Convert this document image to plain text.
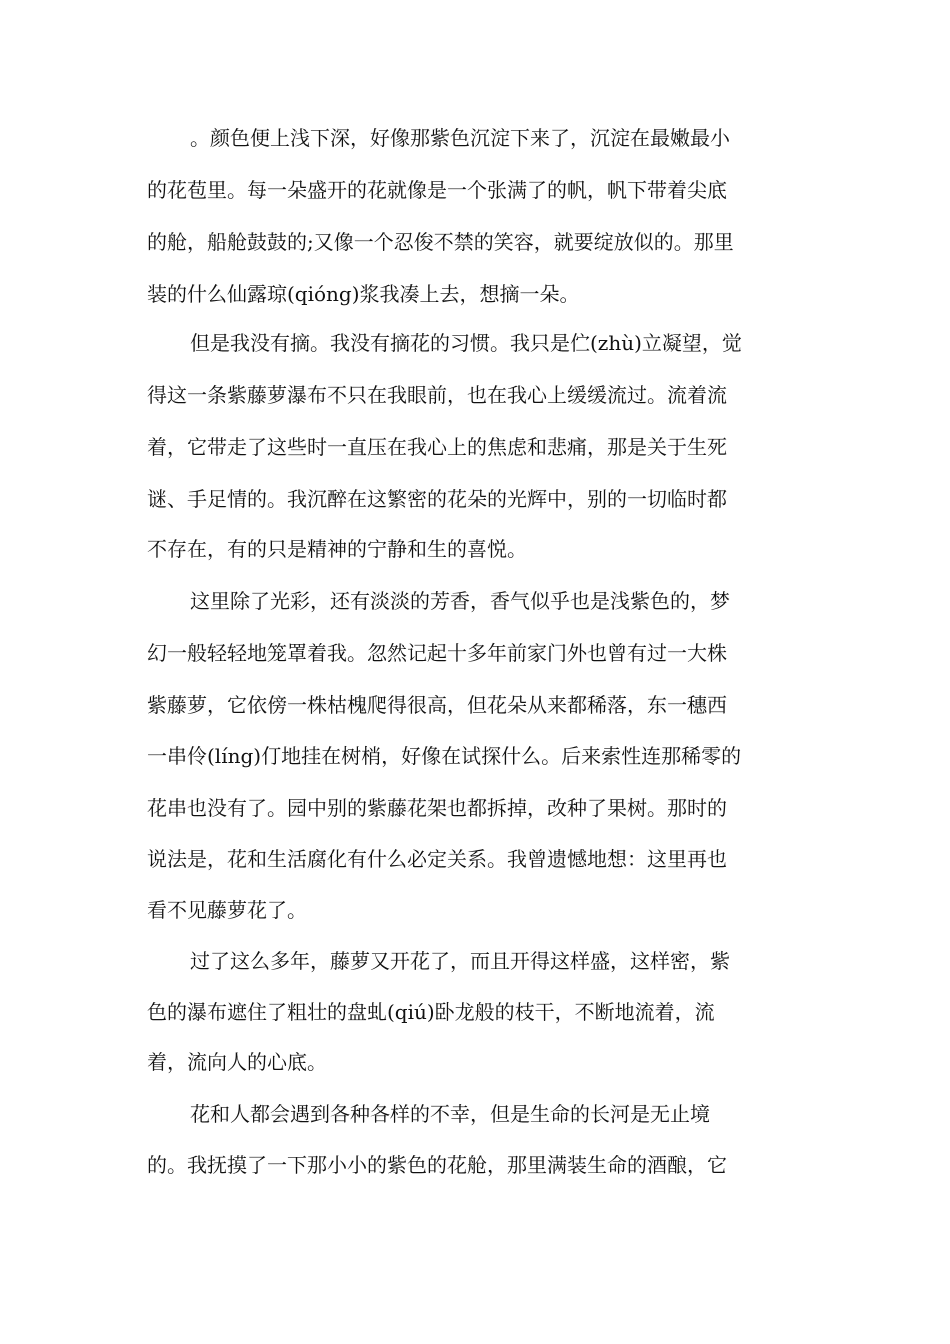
。颜色便上浅下深，好像那紫色沉淀下来了，沉淀在最嫩最小
的花苞里。每一朵盛开的花就像是一个张满了的帆，帆下带着尖底
的舱，船舱鼓鼓的;又像一个忍俊不禁的笑容，就要绽放似的。那里
装的什么仙露琼(qióng)浆我凑上去，想摘一朵。
但是我没有摘。我没有摘花的习惯。我只是伫(zhù)立凝望，觉
得这一条紫藤萝瀑布不只在我眼前，也在我心上缓缓流过。流着流
着，它带走了这些时一直压在我心上的焦虑和悲痛，那是关于生死
谜、手足情的。我沉醉在这繁密的花朵的光辉中，别的一切临时都
不存在，有的只是精神的宁静和生的喜悦。
这里除了光彩，还有淡淡的芳香，香气似乎也是浅紫色的，梦
幻一般轻轻地笼罩着我。忽然记起十多年前家门外也曾有过一大株
紫藤萝，它依傍一株枯槐爬得很高，但花朵从来都稀落，东一穗西
一串伶(líng)仃地挂在树梢，好像在试探什么。后来索性连那稀零的
花串也没有了。园中别的紫藤花架也都拆掉，改种了果树。那时的
说法是，花和生活腐化有什么必定关系。我曾遗憾地想：这里再也
看不见藤萝花了。
过了这么多年，藤萝又开花了，而且开得这样盛，这样密，紫
色的瀑布遮住了粗壮的盘虬(qiú)卧龙般的枝干，不断地流着，流
着，流向人的心底。
花和人都会遇到各种各样的不幸，但是生命的长河是无止境
的。我抚摸了一下那小小的紫色的花舱，那里满装生命的酒酿，它
